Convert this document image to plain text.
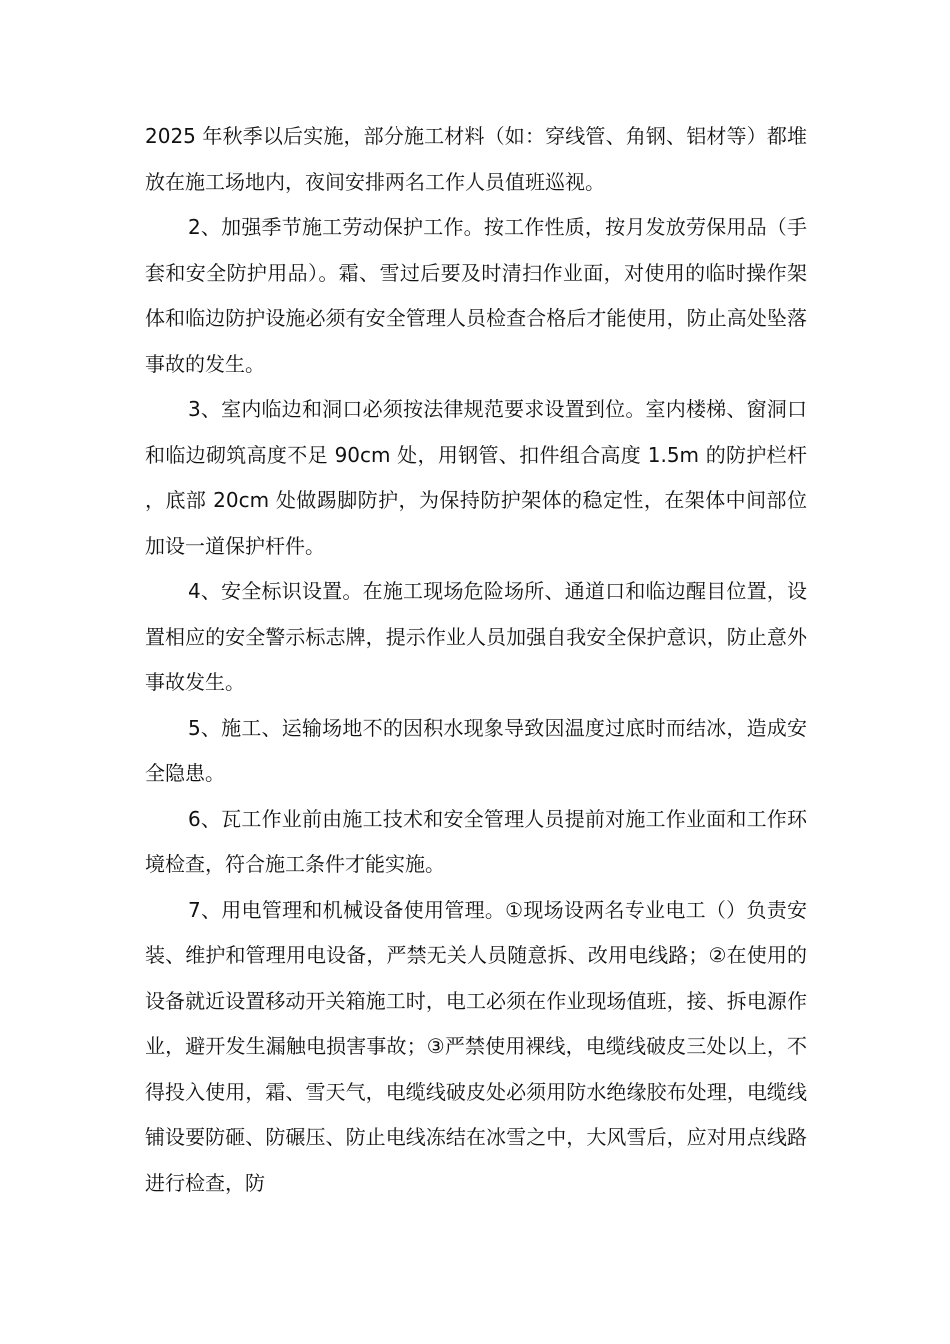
2025 年秋季以后实施，部分施工材料（如：穿线管、角钢、铝材等）都堆放在施工场地内，夜间安排两名工作人员值班巡视。

2、加强季节施工劳动保护工作。按工作性质，按月发放劳保用品（手套和安全防护用品）。霜、雪过后要及时清扫作业面，对使用的临时操作架体和临边防护设施必须有安全管理人员检查合格后才能使用，防止高处坠落事故的发生。

3、室内临边和洞口必须按法律规范要求设置到位。室内楼梯、窗洞口和临边砌筑高度不足 90cm 处，用钢管、扣件组合高度 1.5m 的防护栏杆，底部 20cm 处做踢脚防护，为保持防护架体的稳定性，在架体中间部位加设一道保护杆件。

4、安全标识设置。在施工现场危险场所、通道口和临边醒目位置，设置相应的安全警示标志牌，提示作业人员加强自我安全保护意识，防止意外事故发生。

5、施工、运输场地不的因积水现象导致因温度过底时而结冰，造成安全隐患。

6、瓦工作业前由施工技术和安全管理人员提前对施工作业面和工作环境检查，符合施工条件才能实施。

7、用电管理和机械设备使用管理。①现场设两名专业电工（）负责安装、维护和管理用电设备，严禁无关人员随意拆、改用电线路；②在使用的设备就近设置移动开关箱施工时，电工必须在作业现场值班，接、拆电源作业，避开发生漏触电损害事故；③严禁使用裸线，电缆线破皮三处以上，不得投入使用，霜、雪天气，电缆线破皮处必须用防水绝缘胶布处理，电缆线铺设要防砸、防碾压、防止电线冻结在冰雪之中，大风雪后，应对用点线路进行检查，防
